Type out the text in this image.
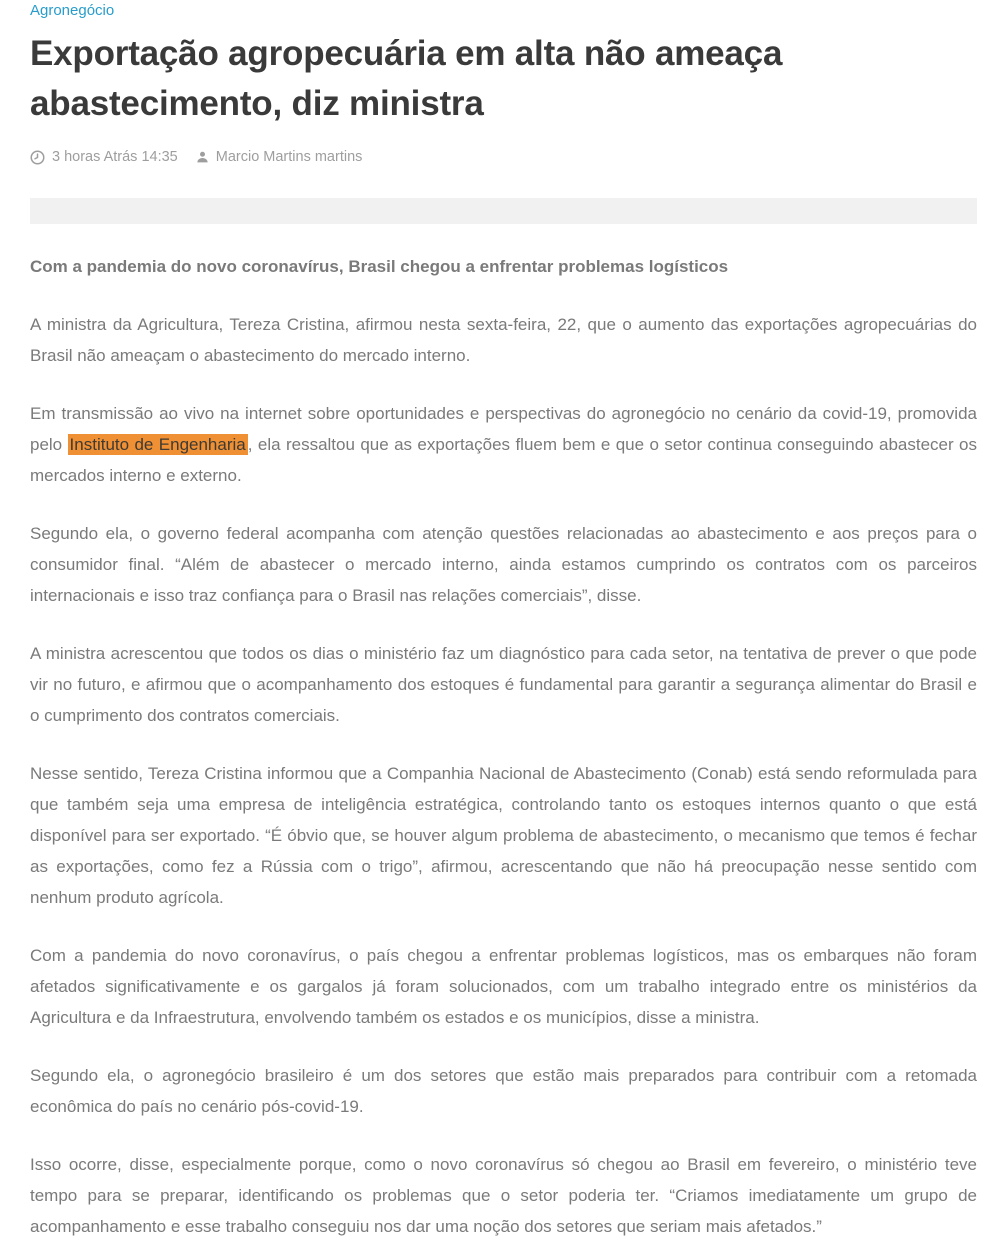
Agronegócio
Exportação agropecuária em alta não ameaça abastecimento, diz ministra
3 horas Atrás 14:35	Marcio Martins martins

Com a pandemia do novo coronavírus, Brasil chegou a enfrentar problemas logísticos

A ministra da Agricultura, Tereza Cristina, afirmou nesta sexta-feira, 22, que o aumento das exportações agropecuárias do Brasil não ameaçam o abastecimento do mercado interno.

Em transmissão ao vivo na internet sobre oportunidades e perspectivas do agronegócio no cenário da covid-19, promovida pelo Instituto de Engenharia , ela ressaltou que as exportações fluem bem e que o setor continua conseguindo abastecer os mercados interno e externo.

Segundo ela, o governo federal acompanha com atenção questões relacionadas ao abastecimento e aos preços para o consumidor final. “Além de abastecer o mercado interno, ainda estamos cumprindo os contratos com os parceiros internacionais e isso traz confiança para o Brasil nas relações comerciais”, disse.

A ministra acrescentou que todos os dias o ministério faz um diagnóstico para cada setor, na tentativa de prever o que pode vir no futuro, e afirmou que o acompanhamento dos estoques é fundamental para garantir a segurança alimentar do Brasil e o cumprimento dos contratos comerciais.

Nesse sentido, Tereza Cristina informou que a Companhia Nacional de Abastecimento (Conab) está sendo reformulada para que também seja uma empresa de inteligência estratégica, controlando tanto os estoques internos quanto o que está disponível para ser exportado. “É óbvio que, se houver algum problema de abastecimento, o mecanismo que temos é fechar as exportações, como fez a Rússia com o trigo”, afirmou, acrescentando que não há preocupação nesse sentido com nenhum produto agrícola.

Com a pandemia do novo coronavírus, o país chegou a enfrentar problemas logísticos, mas os embarques não foram afetados significativamente e os gargalos já foram solucionados, com um trabalho integrado entre os ministérios da Agricultura e da Infraestrutura, envolvendo também os estados e os municípios, disse a ministra.

Segundo ela, o agronegócio brasileiro é um dos setores que estão mais preparados para contribuir com a retomada econômica do país no cenário pós-covid-19.

Isso ocorre, disse, especialmente porque, como o novo coronavírus só chegou ao Brasil em fevereiro, o ministério teve tempo para se preparar, identificando os problemas que o setor poderia ter. “Criamos imediatamente um grupo de acompanhamento e esse trabalho conseguiu nos dar uma noção dos setores que seriam mais afetados.”
